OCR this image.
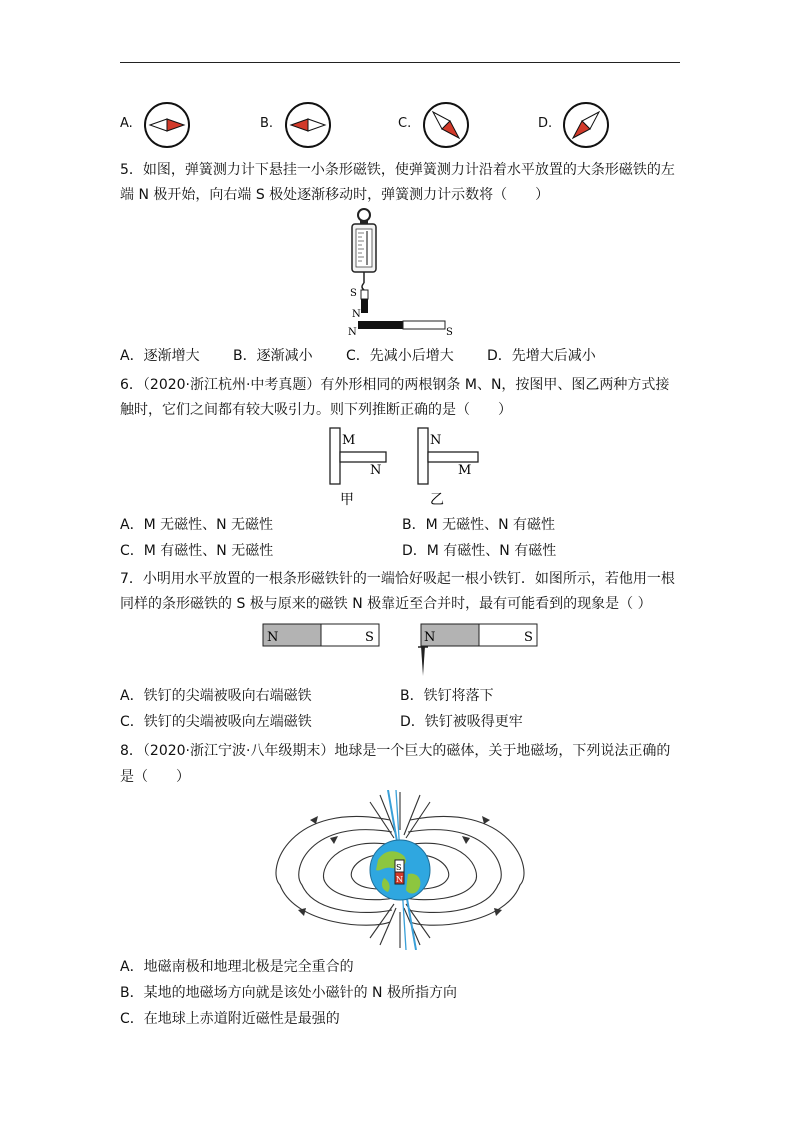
A.	B.	C.	D.
5．如图，弹簧测力计下悬挂一小条形磁铁，使弹簧测力计沿着水平放置的大条形磁铁的左
端 N 极开始，向右端 S 极处逐渐移动时，弹簧测力计示数将（　　）
S
N
N	S
A．逐渐增大 B．逐渐减小 C．先减小后增大 D．先增大后减小
6．（2020·浙江杭州·中考真题）有外形相同的两根钢条 M、N，按图甲、图乙两种方式接
触时，它们之间都有较大吸引力。则下列推断正确的是（　　）
M
N
甲
N
M
乙
A．M 无磁性、N 无磁性	B．M 无磁性、N 有磁性
C．M 有磁性、N 无磁性	D．M 有磁性、N 有磁性
7．小明用水平放置的一根条形磁铁针的一端恰好吸起一根小铁钉．如图所示，若他用一根
同样的条形磁铁的 S 极与原来的磁铁 N 极靠近至合并时，最有可能看到的现象是（ ）
N	S	N	S
A．铁钉的尖端被吸向右端磁铁	B．铁钉将落下
C．铁钉的尖端被吸向左端磁铁	D．铁钉被吸得更牢
8．（2020·浙江宁波·八年级期末）地球是一个巨大的磁体，关于地磁场，下列说法正确的
是（　　）
S
N
A．地磁南极和地理北极是完全重合的
B．某地的地磁场方向就是该处小磁针的 N 极所指方向
C．在地球上赤道附近磁性是最强的
